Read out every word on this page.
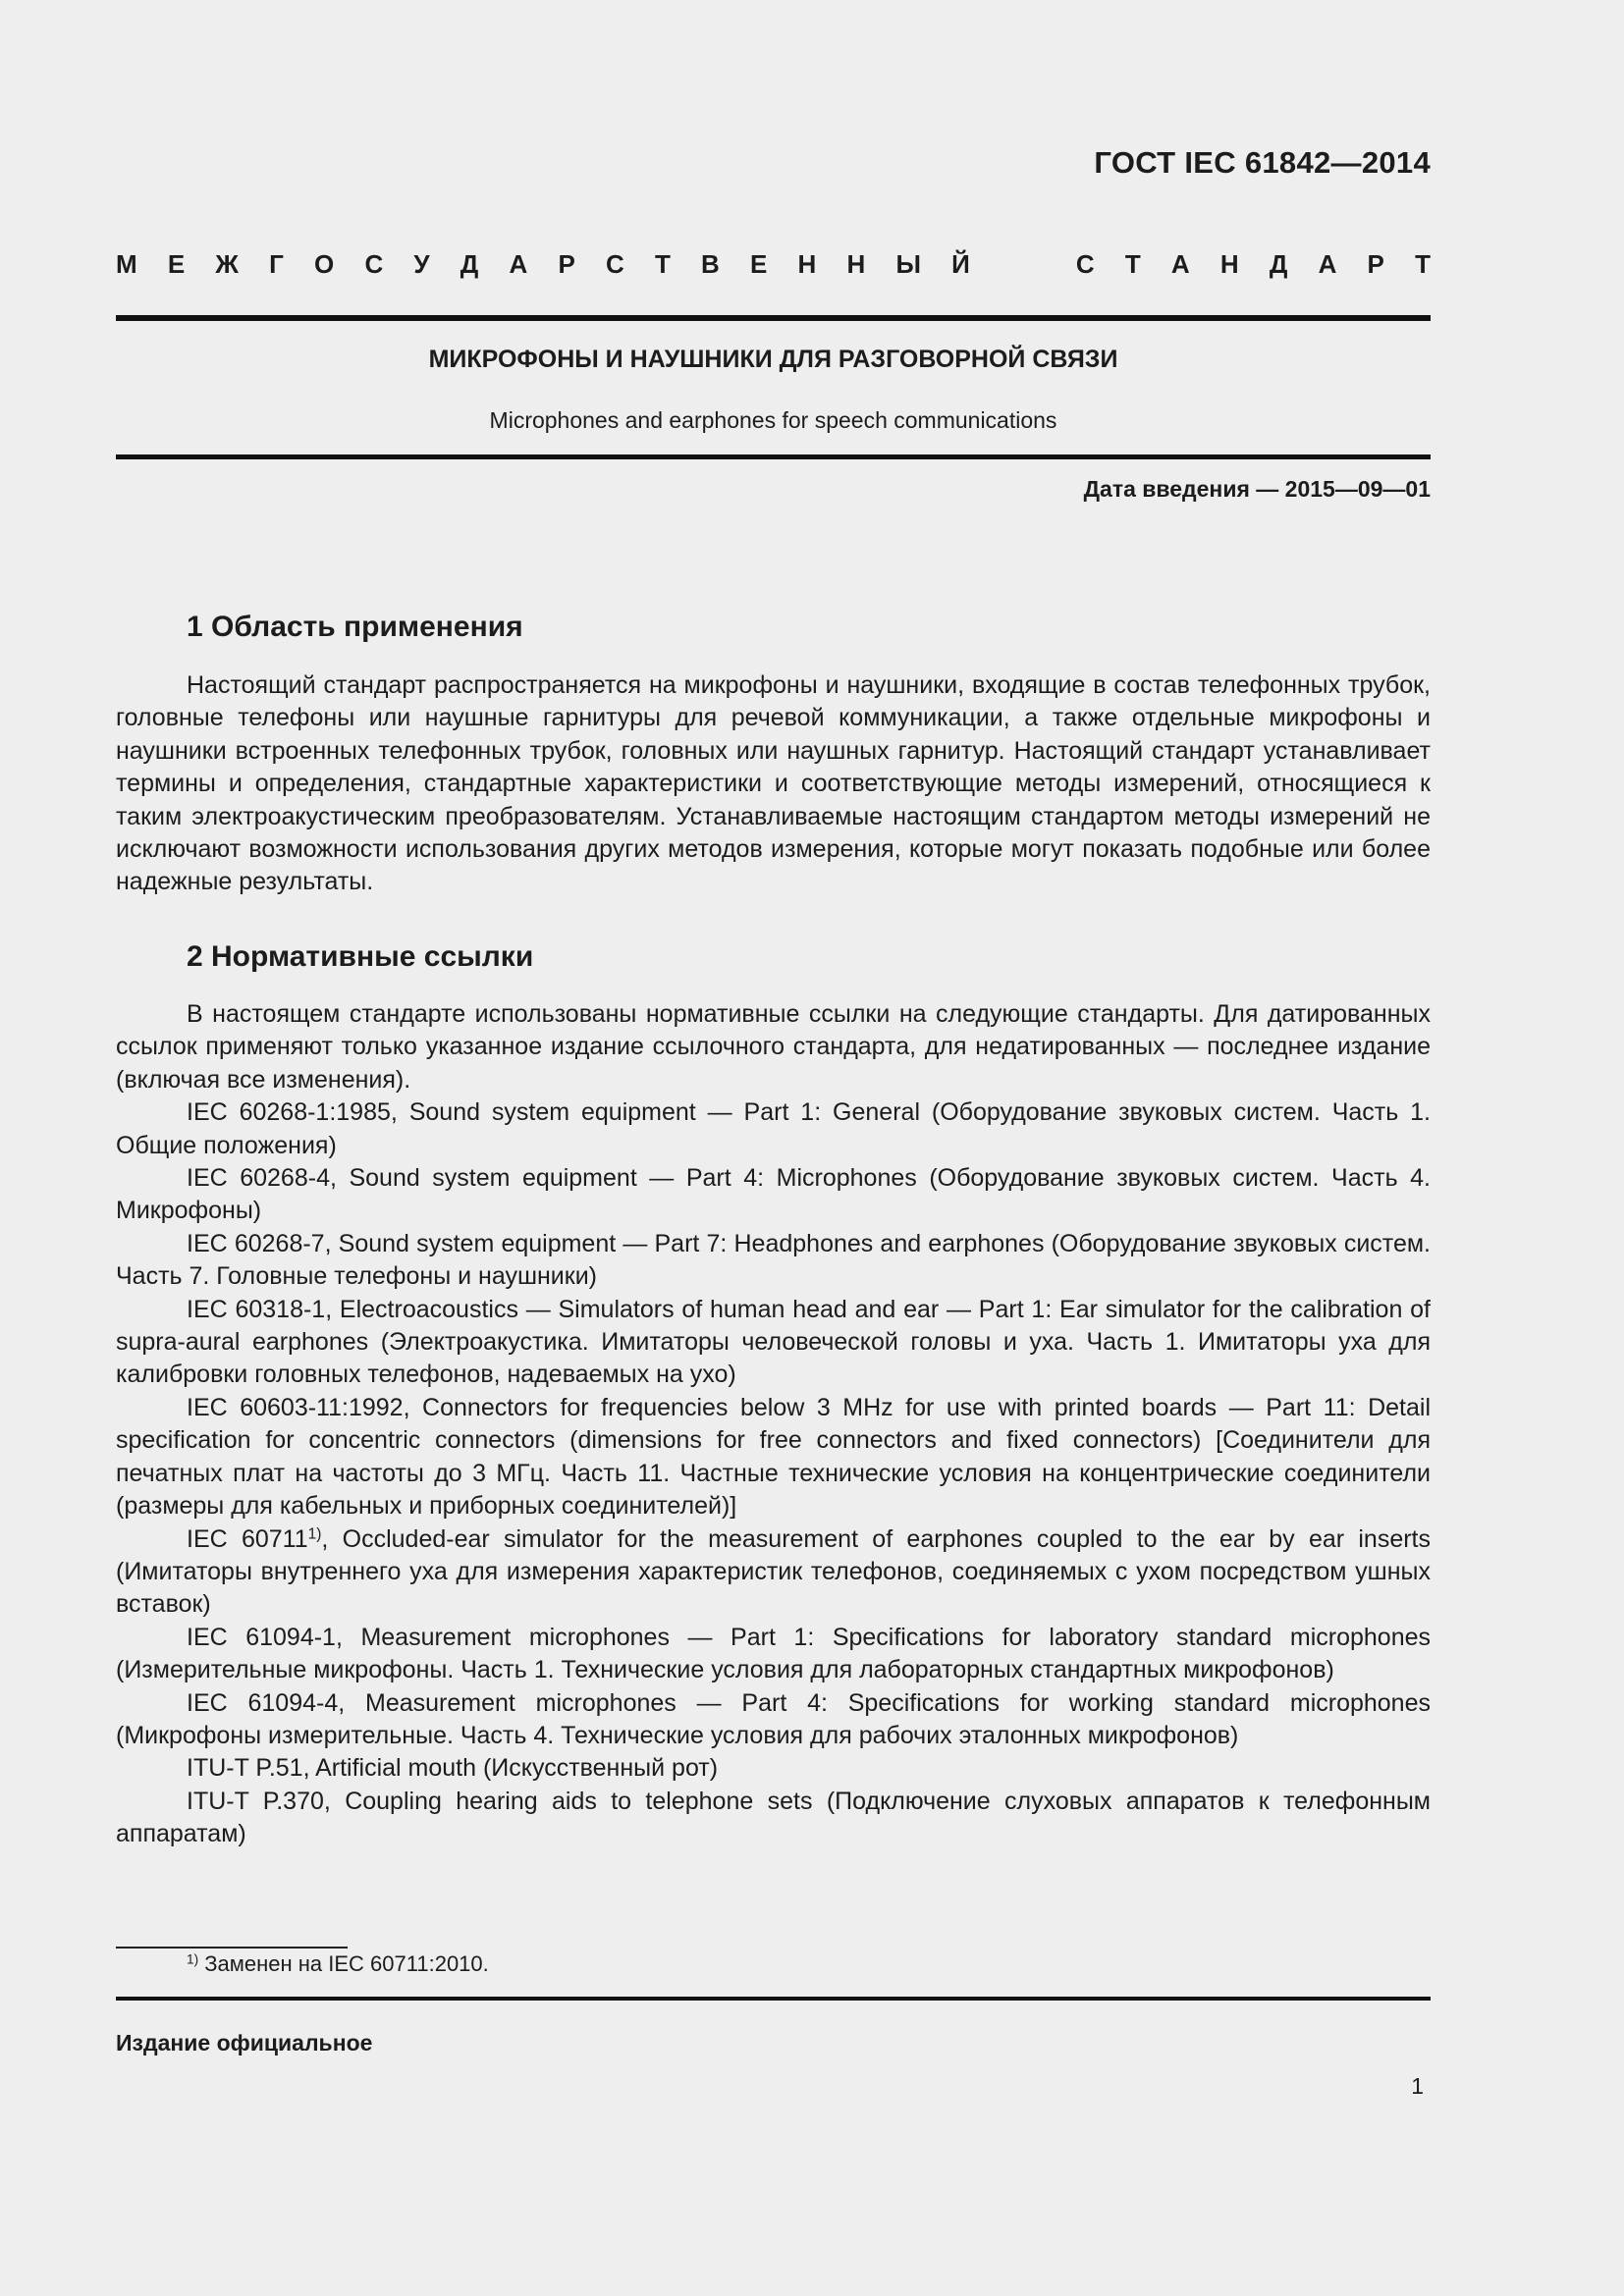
ГОСТ IEC 61842—2014
М Е Ж Г О С У Д А Р С Т В Е Н Н Ы Й

	С Т А Н Д А Р Т
МИКРОФОНЫ И НАУШНИКИ ДЛЯ РАЗГОВОРНОЙ СВЯЗИ
Microphones and earphones for speech communications
Дата введения — 2015—09—01
1 Область применения

Настоящий стандарт распространяется на микрофоны и наушники, входящие в состав телефонных трубок, головные телефоны или наушные гарнитуры для речевой коммуникации, а также отдельные микрофоны и наушники встроенных телефонных трубок, головных или наушных гарнитур. Настоящий стандарт устанавливает термины и определения, стандартные характеристики и соответствующие методы измерений, относящиеся к таким электроакустическим преобразователям. Устанавливаемые настоящим стандартом методы измерений не исключают возможности использования других методов измерения, которые могут показать подобные или более надежные результаты.

2 Нормативные ссылки

В настоящем стандарте использованы нормативные ссылки на следующие стандарты. Для датированных ссылок применяют только указанное издание ссылочного стандарта, для недатированных — последнее издание (включая все изменения).

IEC 60268-1:1985, Sound system equipment — Part 1: General (Оборудование звуковых систем. Часть 1. Общие положения)

IEC 60268-4, Sound system equipment — Part 4: Microphones (Оборудование звуковых систем. Часть 4. Микрофоны)

IEC 60268-7, Sound system equipment — Part 7: Headphones and earphones (Оборудование звуковых систем. Часть 7. Головные телефоны и наушники)

IEC 60318-1, Electroacoustics — Simulators of human head and ear — Part 1: Ear simulator for the calibration of supra-aural earphones (Электроакустика. Имитаторы человеческой головы и уха. Часть 1. Имитаторы уха для калибровки головных телефонов, надеваемых на ухо)

IEC 60603-11:1992, Connectors for frequencies below 3 MHz for use with printed boards — Part 11: Detail specification for concentric connectors (dimensions for free connectors and fixed connectors) [Соединители для печатных плат на частоты до 3 МГц. Часть 11. Частные технические условия на концентрические соединители (размеры для кабельных и приборных соединителей)]

IEC 60711$^{1)}$, Occluded-ear simulator for the measurement of earphones coupled to the ear by ear inserts (Имитаторы внутреннего уха для измерения характеристик телефонов, соединяемых с ухом посредством ушных вставок)

IEC 61094-1, Measurement microphones — Part 1: Specifications for laboratory standard microphones (Измерительные микрофоны. Часть 1. Технические условия для лабораторных стандартных микрофонов)

IEC 61094-4, Measurement microphones — Part 4: Specifications for working standard microphones (Микрофоны измерительные. Часть 4. Технические условия для рабочих эталонных микрофонов)

ITU-T P.51, Artificial mouth (Искусственный рот)

ITU-T P.370, Coupling hearing aids to telephone sets (Подключение слуховых аппаратов к телефонным аппаратам)

$^{1)}$ Заменен на IEC 60711:2010.
Издание официальное
1
